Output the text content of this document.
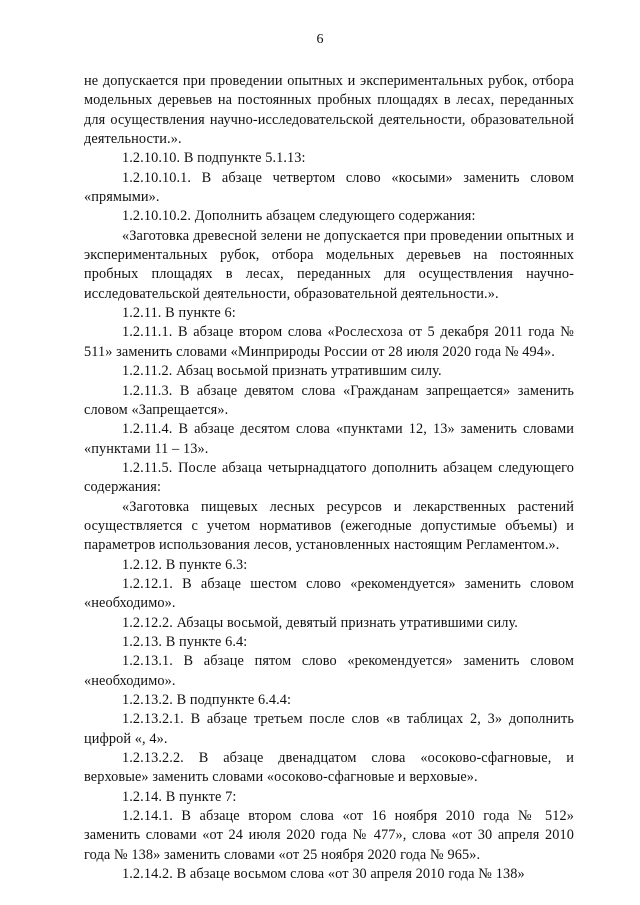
6

не допускается при проведении опытных и экспериментальных рубок, отбора модельных деревьев на постоянных пробных площадях в лесах, переданных для осуществления научно-исследовательской деятельности, образовательной деятельности.».

1.2.10.10. В подпункте 5.1.13:

1.2.10.10.1. В абзаце четвертом слово «косыми» заменить словом «прямыми».

1.2.10.10.2. Дополнить абзацем следующего содержания:

«Заготовка древесной зелени не допускается при проведении опытных и экспериментальных рубок, отбора модельных деревьев на постоянных пробных площадях в лесах, переданных для осуществления научно-исследовательской деятельности, образовательной деятельности.».

1.2.11. В пункте 6:

1.2.11.1. В абзаце втором слова «Рослесхоза от 5 декабря 2011 года № 511» заменить словами «Минприроды России от 28 июля 2020 года № 494».

1.2.11.2. Абзац восьмой признать утратившим силу.

1.2.11.3. В абзаце девятом слова «Гражданам запрещается» заменить словом «Запрещается».

1.2.11.4. В абзаце десятом слова «пунктами 12, 13» заменить словами «пунктами 11 – 13».

1.2.11.5. После абзаца четырнадцатого дополнить абзацем следующего содержания:

«Заготовка пищевых лесных ресурсов и лекарственных растений осуществляется с учетом нормативов (ежегодные допустимые объемы) и параметров использования лесов, установленных настоящим Регламентом.».

1.2.12. В пункте 6.3:

1.2.12.1. В абзаце шестом слово «рекомендуется» заменить словом «необходимо».

1.2.12.2. Абзацы восьмой, девятый признать утратившими силу.

1.2.13. В пункте 6.4:

1.2.13.1. В абзаце пятом слово «рекомендуется» заменить словом «необходимо».

1.2.13.2. В подпункте 6.4.4:

1.2.13.2.1. В абзаце третьем после слов «в таблицах 2, 3» дополнить цифрой «, 4».

1.2.13.2.2. В абзаце двенадцатом слова «осоково-сфагновые, и верховые» заменить словами «осоково-сфагновые и верховые».

1.2.14. В пункте 7:

1.2.14.1. В абзаце втором слова «от 16 ноября 2010 года № 512» заменить словами «от 24 июля 2020 года № 477», слова «от 30 апреля 2010 года № 138» заменить словами «от 25 ноября 2020 года № 965».

1.2.14.2. В абзаце восьмом слова «от 30 апреля 2010 года № 138»
